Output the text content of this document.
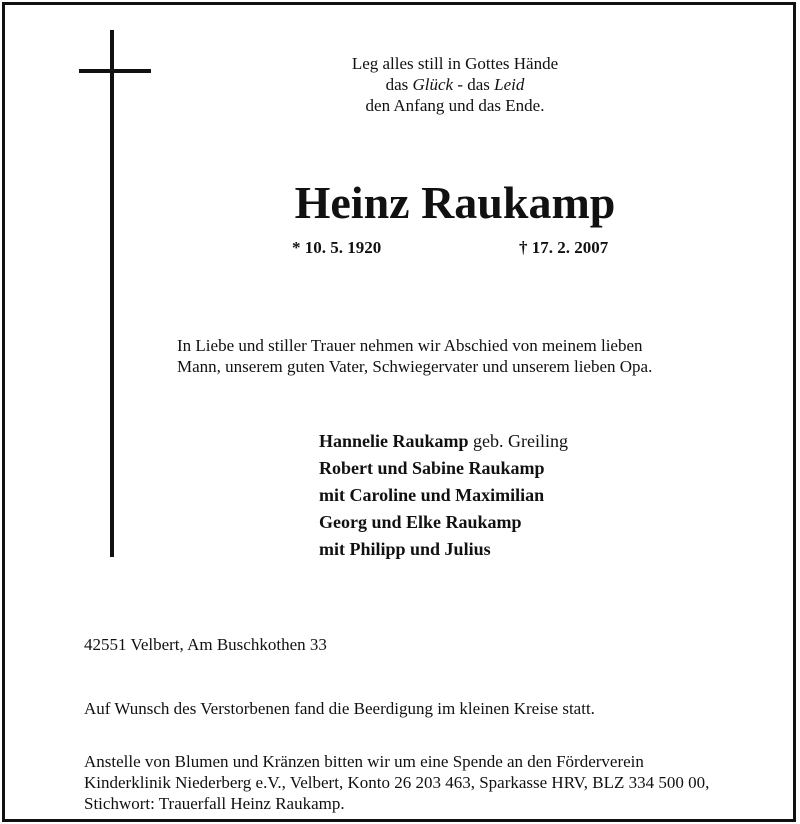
Leg alles still in Gottes Hände
das Glück - das Leid
den Anfang und das Ende.
Heinz Raukamp
* 10. 5. 1920	† 17. 2. 2007
In Liebe und stiller Trauer nehmen wir Abschied von meinem lieben
Mann, unserem guten Vater, Schwiegervater und unserem lieben Opa.
Hannelie Raukamp geb. Greiling
Robert und Sabine Raukamp
mit Caroline und Maximilian
Georg und Elke Raukamp
mit Philipp und Julius
42551 Velbert, Am Buschkothen 33
Auf Wunsch des Verstorbenen fand die Beerdigung im kleinen Kreise statt.
Anstelle von Blumen und Kränzen bitten wir um eine Spende an den Förderverein
Kinderklinik Niederberg e.V., Velbert, Konto 26 203 463, Sparkasse HRV, BLZ 334 500 00,
Stichwort: Trauerfall Heinz Raukamp.
